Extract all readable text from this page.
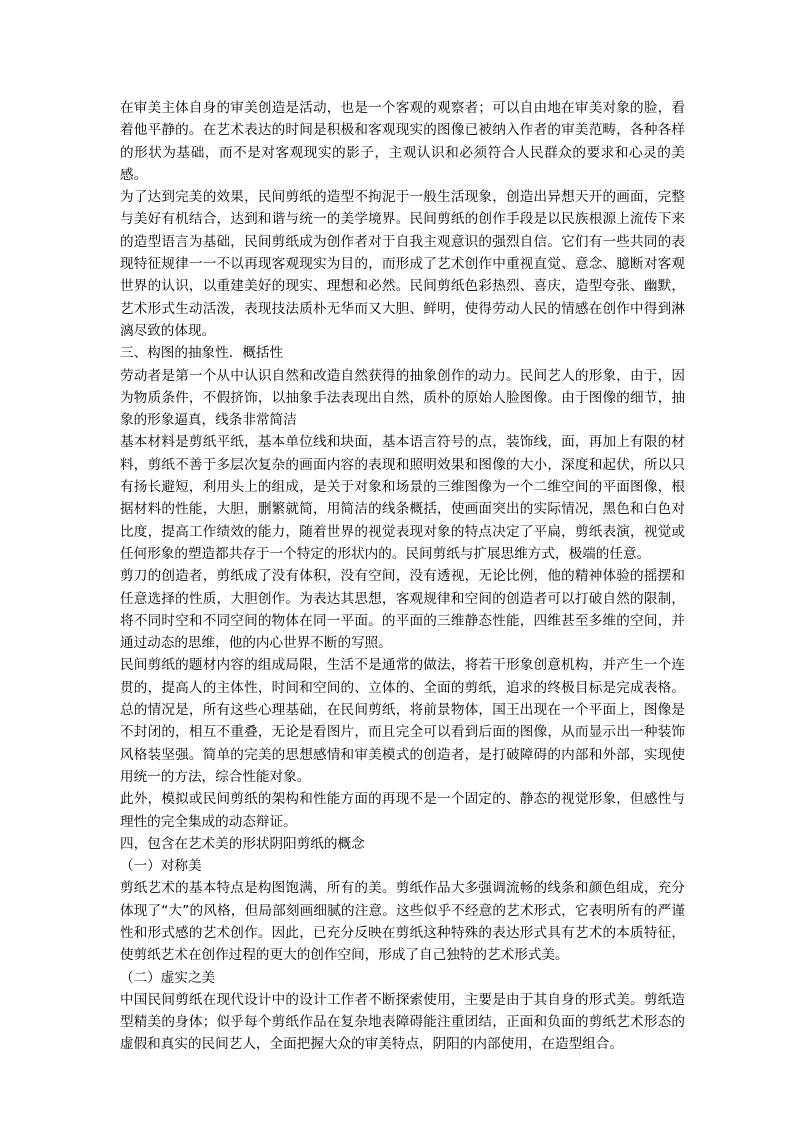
在审美主体自身的审美创造是活动，也是一个客观的观察者；可以自由地在审美对象的脸，看着他平静的。在艺术表达的时间是积极和客观现实的图像已被纳入作者的审美范畴，各种各样的形状为基础，而不是对客观现实的影子，主观认识和必须符合人民群众的要求和心灵的美感。

为了达到完美的效果，民间剪纸的造型不拘泥于一般生活现象，创造出异想天开的画面，完整与美好有机结合，达到和谐与统一的美学境界。民间剪纸的创作手段是以民族根源上流传下来的造型语言为基础，民间剪纸成为创作者对于自我主观意识的强烈自信。它们有一些共同的表现特征规律一一不以再现客观现实为目的，而形成了艺术创作中重视直觉、意念、臆断对客观世界的认识，以重建美好的现实、理想和必然。民间剪纸色彩热烈、喜庆，造型夸张、幽默，艺术形式生动活泼，表现技法质朴无华而又大胆、鲜明，使得劳动人民的情感在创作中得到淋漓尽致的体现。

三、构图的抽象性．概括性

劳动者是第一个从中认识自然和改造自然获得的抽象创作的动力。民间艺人的形象，由于，因为物质条件，不假挤饰，以抽象手法表现出自然，质朴的原始人脸图像。由于图像的细节，抽象的形象逼真，线条非常简洁

基本材料是剪纸平纸，基本单位线和块面，基本语言符号的点，装饰线，面，再加上有限的材料，剪纸不善于多层次复杂的画面内容的表现和照明效果和图像的大小，深度和起伏，所以只有扬长避短，利用头上的组成，是关于对象和场景的三维图像为一个二维空间的平面图像，根据材料的性能，大胆，删繁就简，用简洁的线条概括，使画面突出的实际情况，黑色和白色对比度，提高工作绩效的能力，随着世界的视觉表现对象的特点决定了平扁，剪纸表演，视觉或任何形象的塑造都共存于一个特定的形状内的。民间剪纸与扩展思维方式，极端的任意。

剪刀的创造者，剪纸成了没有体积，没有空间，没有透视，无论比例，他的精神体验的摇摆和任意选择的性质，大胆创作。为表达其思想，客观规律和空间的创造者可以打破自然的限制，将不同时空和不同空间的物体在同一平面。的平面的三维静态性能，四维甚至多维的空间，并通过动态的思维，他的内心世界不断的写照。

民间剪纸的题材内容的组成局限，生活不是通常的做法，将若干形象创意机构，并产生一个连贯的，提高人的主体性，时间和空间的、立体的、全面的剪纸，追求的终极目标是完成表格。总的情况是，所有这些心理基础，在民间剪纸，将前景物体，国王出现在一个平面上，图像是不封闭的，相互不重叠，无论是看图片，而且完全可以看到后面的图像，从而显示出一种装饰风格装坚强。简单的完美的思想感情和审美模式的创造者，是打破障碍的内部和外部，实现使用统一的方法，综合性能对象。

此外，模拟或民间剪纸的架构和性能方面的再现不是一个固定的、静态的视觉形象，但感性与理性的完全集成的动态辩证。

四，包含在艺术美的形状阴阳剪纸的概念

（一）对称美

剪纸艺术的基本特点是构图饱满，所有的美。剪纸作品大多强调流畅的线条和颜色组成，充分体现了“大”的风格，但局部刻画细腻的注意。这些似乎不经意的艺术形式，它表明所有的严谨性和形式感的艺术创作。因此，已充分反映在剪纸这种特殊的表达形式具有艺术的本质特征，使剪纸艺术在创作过程的更大的创作空间，形成了自己独特的艺术形式美。

（二）虚实之美

中国民间剪纸在现代设计中的设计工作者不断探索使用，主要是由于其自身的形式美。剪纸造型精美的身体；似乎每个剪纸作品在复杂地表障碍能注重团结，正面和负面的剪纸艺术形态的虚假和真实的民间艺人，全面把握大众的审美特点，阴阳的内部使用，在造型组合。
